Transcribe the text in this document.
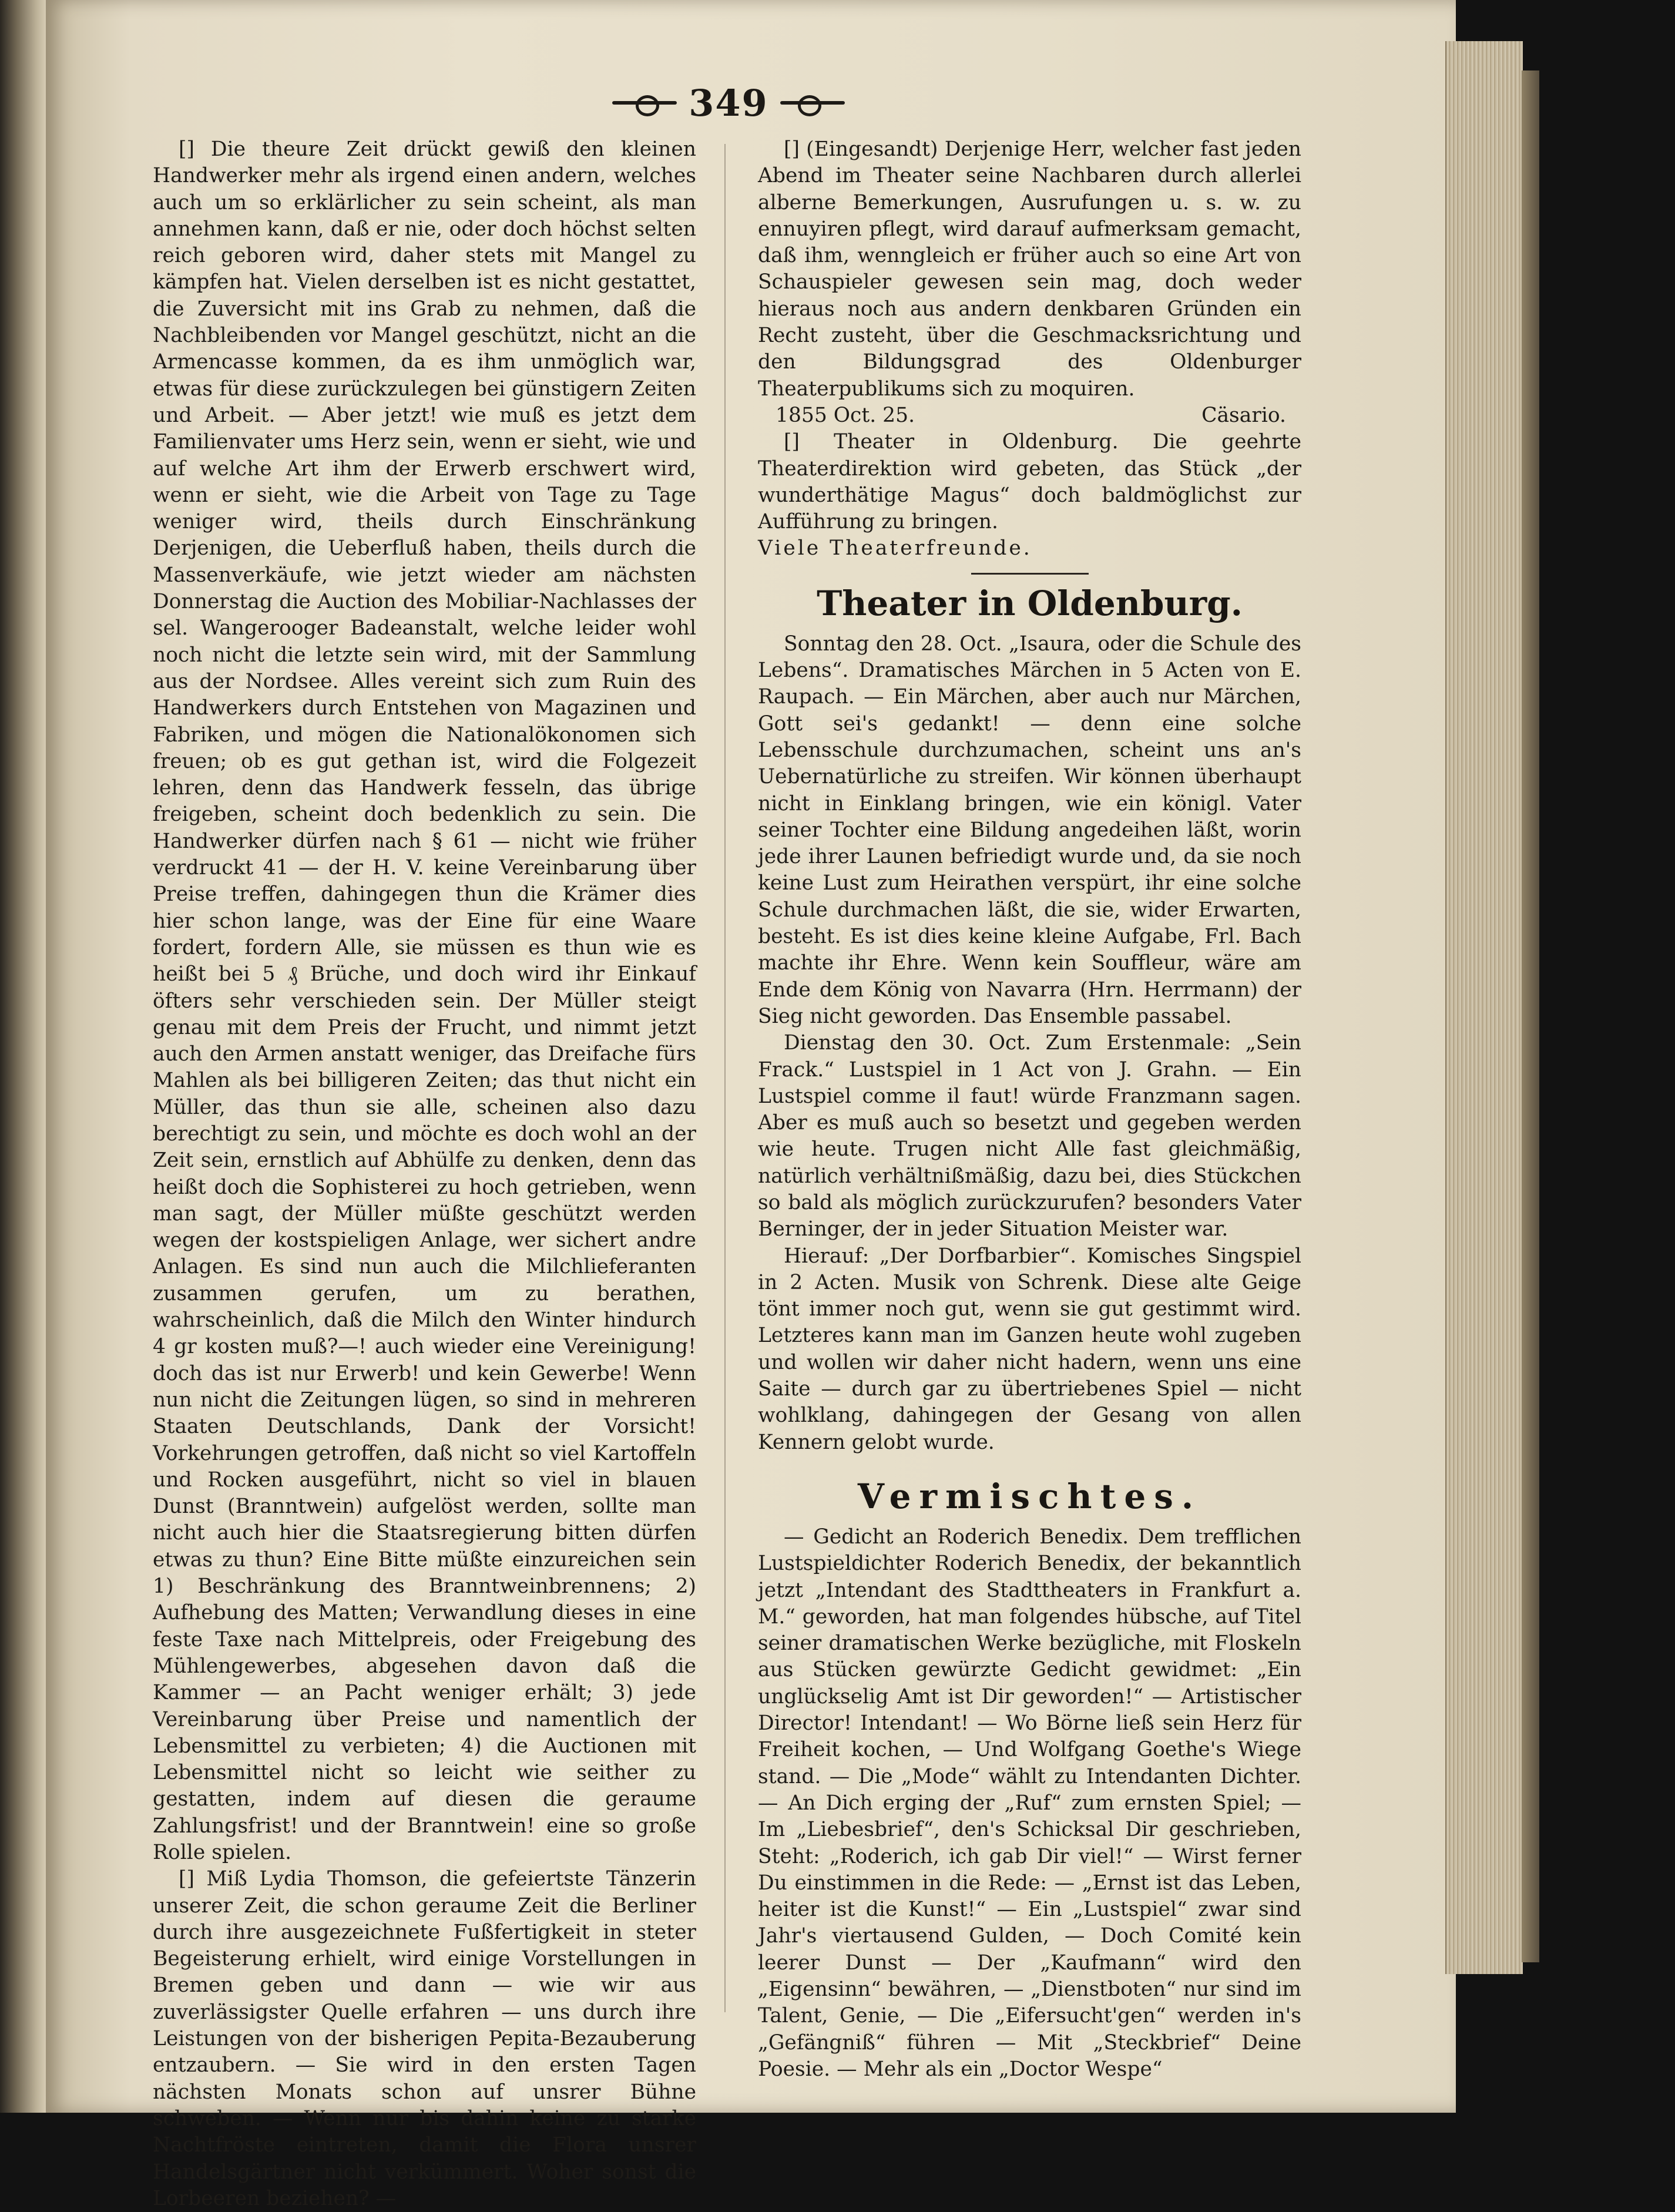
349

[] Die theure Zeit drückt gewiß den kleinen Handwerker mehr als irgend einen andern, welches auch um so erklärlicher zu sein scheint, als man annehmen kann, daß er nie, oder doch höchst selten reich geboren wird, daher stets mit Mangel zu kämpfen hat. Vielen derselben ist es nicht gestattet, die Zuversicht mit ins Grab zu nehmen, daß die Nachbleibenden vor Mangel geschützt, nicht an die Armencasse kommen, da es ihm unmöglich war, etwas für diese zurückzulegen bei günstigern Zeiten und Arbeit. — Aber jetzt! wie muß es jetzt dem Familienvater ums Herz sein, wenn er sieht, wie und auf welche Art ihm der Erwerb erschwert wird, wenn er sieht, wie die Arbeit von Tage zu Tage weniger wird, theils durch Einschränkung Derjenigen, die Ueberfluß haben, theils durch die Massenverkäufe, wie jetzt wieder am nächsten Donnerstag die Auction des Mobiliar-Nachlasses der sel. Wangerooger Badeanstalt, welche leider wohl noch nicht die letzte sein wird, mit der Sammlung aus der Nordsee. Alles vereint sich zum Ruin des Handwerkers durch Entstehen von Magazinen und Fabriken, und mögen die Nationalökonomen sich freuen; ob es gut gethan ist, wird die Folgezeit lehren, denn das Handwerk fesseln, das übrige freigeben, scheint doch bedenklich zu sein. Die Handwerker dürfen nach § 61 — nicht wie früher verdruckt 41 — der H. V. keine Vereinbarung über Preise treffen, dahingegen thun die Krämer dies hier schon lange, was der Eine für eine Waare fordert, fordern Alle, sie müssen es thun wie es heißt bei 5 ₰ Brüche, und doch wird ihr Einkauf öfters sehr verschieden sein. Der Müller steigt genau mit dem Preis der Frucht, und nimmt jetzt auch den Armen anstatt weniger, das Dreifache fürs Mahlen als bei billigeren Zeiten; das thut nicht ein Müller, das thun sie alle, scheinen also dazu berechtigt zu sein, und möchte es doch wohl an der Zeit sein, ernstlich auf Abhülfe zu denken, denn das heißt doch die Sophisterei zu hoch getrieben, wenn man sagt, der Müller müßte geschützt werden wegen der kostspieligen Anlage, wer sichert andre Anlagen. Es sind nun auch die Milchlieferanten zusammen gerufen, um zu berathen, wahrscheinlich, daß die Milch den Winter hindurch 4 gr kosten muß?—! auch wieder eine Vereinigung! doch das ist nur Erwerb! und kein Gewerbe! Wenn nun nicht die Zeitungen lügen, so sind in mehreren Staaten Deutschlands, Dank der Vorsicht! Vorkehrungen getroffen, daß nicht so viel Kartoffeln und Rocken ausgeführt, nicht so viel in blauen Dunst (Branntwein) aufgelöst werden, sollte man nicht auch hier die Staatsregierung bitten dürfen etwas zu thun? Eine Bitte müßte einzureichen sein 1) Beschränkung des Branntweinbrennens; 2) Aufhebung des Matten; Verwandlung dieses in eine feste Taxe nach Mittelpreis, oder Freigebung des Mühlengewerbes, abgesehen davon daß die Kammer — an Pacht weniger erhält; 3) jede Vereinbarung über Preise und namentlich der Lebensmittel zu verbieten; 4) die Auctionen mit Lebensmittel nicht so leicht wie seither zu gestatten, indem auf diesen die geraume Zahlungsfrist! und der Branntwein! eine so große Rolle spielen.

[] Miß Lydia Thomson, die gefeiertste Tänzerin unserer Zeit, die schon geraume Zeit die Berliner durch ihre ausgezeichnete Fußfertigkeit in steter Begeisterung erhielt, wird einige Vorstellungen in Bremen geben und dann — wie wir aus zuverlässigster Quelle erfahren — uns durch ihre Leistungen von der bisherigen Pepita-Bezauberung entzaubern. — Sie wird in den ersten Tagen nächsten Monats schon auf unsrer Bühne schweben. — Wenn nur bis dahin keine zu starke Nachtfröste eintreten, damit die Flora unsrer Handelsgärtner nicht verkümmert. Woher sonst die Lorbeeren beziehen? —

[] (Eingesandt) Derjenige Herr, welcher fast jeden Abend im Theater seine Nachbaren durch allerlei alberne Bemerkungen, Ausrufungen u. s. w. zu ennuyiren pflegt, wird darauf aufmerksam gemacht, daß ihm, wenngleich er früher auch so eine Art von Schauspieler gewesen sein mag, doch weder hieraus noch aus andern denkbaren Gründen ein Recht zusteht, über die Geschmacksrichtung und den Bildungsgrad des Oldenburger Theaterpublikums sich zu moquiren.

1855 Oct. 25.	Cäsario.

[] Theater in Oldenburg. Die geehrte Theaterdirektion wird gebeten, das Stück „der wunderthätige Magus“ doch baldmöglichst zur Aufführung zu bringen.

Viele Theaterfreunde.

Theater in Oldenburg.

Sonntag den 28. Oct. „Isaura, oder die Schule des Lebens“. Dramatisches Märchen in 5 Acten von E. Raupach. — Ein Märchen, aber auch nur Märchen, Gott sei's gedankt! — denn eine solche Lebensschule durchzumachen, scheint uns an's Uebernatürliche zu streifen. Wir können überhaupt nicht in Einklang bringen, wie ein königl. Vater seiner Tochter eine Bildung angedeihen läßt, worin jede ihrer Launen befriedigt wurde und, da sie noch keine Lust zum Heirathen verspürt, ihr eine solche Schule durchmachen läßt, die sie, wider Erwarten, besteht. Es ist dies keine kleine Aufgabe, Frl. Bach machte ihr Ehre. Wenn kein Souffleur, wäre am Ende dem König von Navarra (Hrn. Herrmann) der Sieg nicht geworden. Das Ensemble passabel.

Dienstag den 30. Oct. Zum Erstenmale: „Sein Frack.“ Lustspiel in 1 Act von J. Grahn. — Ein Lustspiel comme il faut! würde Franzmann sagen. Aber es muß auch so besetzt und gegeben werden wie heute. Trugen nicht Alle fast gleichmäßig, natürlich verhältnißmäßig, dazu bei, dies Stückchen so bald als möglich zurückzurufen? besonders Vater Berninger, der in jeder Situation Meister war.

Hierauf: „Der Dorfbarbier“. Komisches Singspiel in 2 Acten. Musik von Schrenk. Diese alte Geige tönt immer noch gut, wenn sie gut gestimmt wird. Letzteres kann man im Ganzen heute wohl zugeben und wollen wir daher nicht hadern, wenn uns eine Saite — durch gar zu übertriebenes Spiel — nicht wohlklang, dahingegen der Gesang von allen Kennern gelobt wurde.

Vermischtes.

— Gedicht an Roderich Benedix. Dem trefflichen Lustspieldichter Roderich Benedix, der bekanntlich jetzt „Intendant des Stadttheaters in Frankfurt a. M.“ geworden, hat man folgendes hübsche, auf Titel seiner dramatischen Werke bezügliche, mit Floskeln aus Stücken gewürzte Gedicht gewidmet: „Ein unglückselig Amt ist Dir geworden!“ — Artistischer Director! Intendant! — Wo Börne ließ sein Herz für Freiheit kochen, — Und Wolfgang Goethe's Wiege stand. — Die „Mode“ wählt zu Intendanten Dichter. — An Dich erging der „Ruf“ zum ernsten Spiel; — Im „Liebesbrief“, den's Schicksal Dir geschrieben, Steht: „Roderich, ich gab Dir viel!“ — Wirst ferner Du einstimmen in die Rede: — „Ernst ist das Leben, heiter ist die Kunst!“ — Ein „Lustspiel“ zwar sind Jahr's viertausend Gulden, — Doch Comité kein leerer Dunst — Der „Kaufmann“ wird den „Eigensinn“ bewähren, — „Dienstboten“ nur sind im Talent, Genie, — Die „Eifersucht'gen“ werden in's „Gefängniß“ führen — Mit „Steckbrief“ Deine Poesie. — Mehr als ein „Doctor Wespe“
